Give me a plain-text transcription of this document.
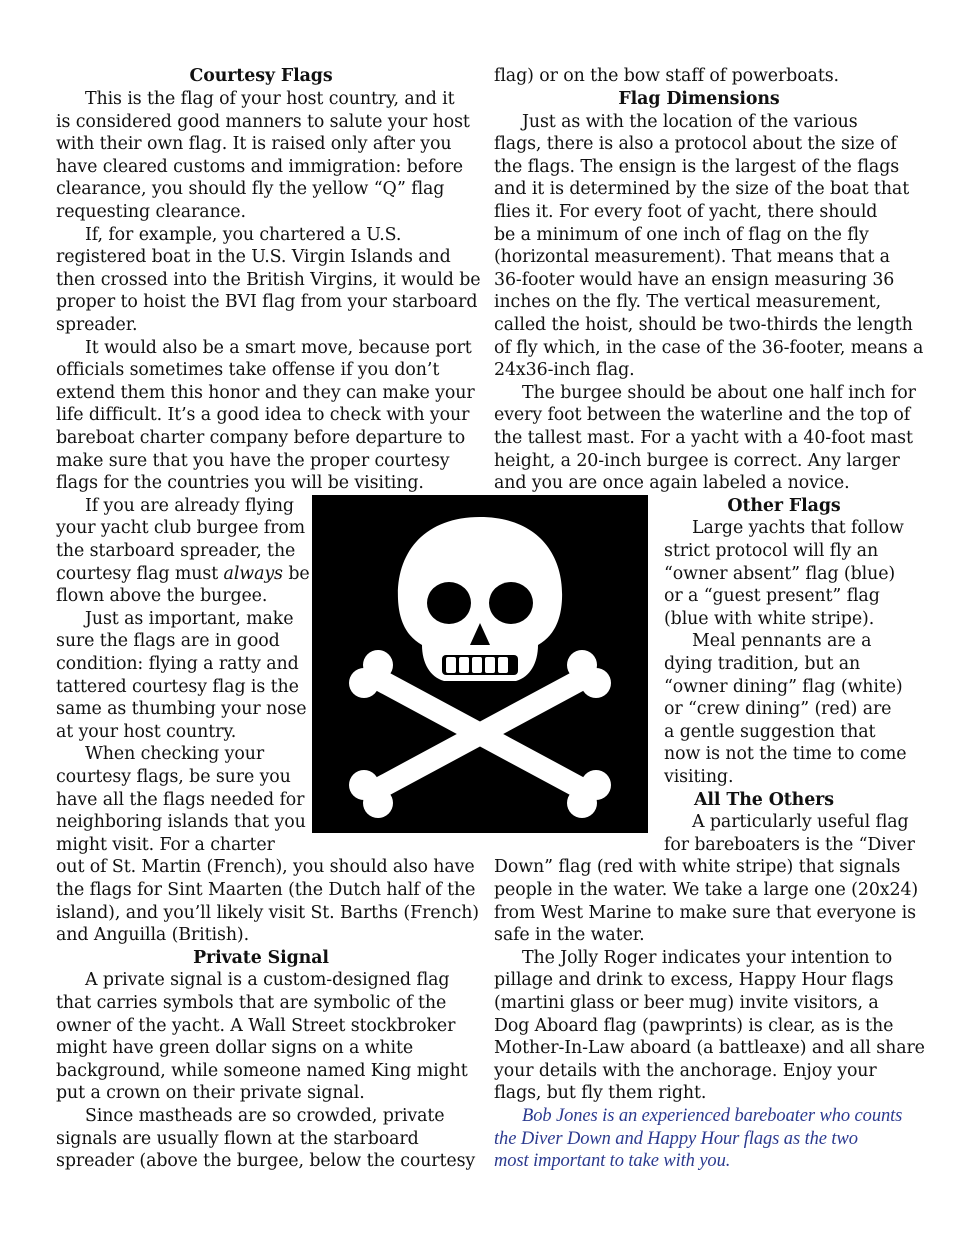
Courtesy Flags
This is the flag of your host country, and it
is considered good manners to salute your host
with their own flag. It is raised only after you
have cleared customs and immigration: before
clearance, you should fly the yellow “Q” flag
requesting clearance.
If, for example, you chartered a U.S.
registered boat in the U.S. Virgin Islands and
then crossed into the British Virgins, it would be
proper to hoist the BVI flag from your starboard
spreader.
It would also be a smart move, because port
officials sometimes take offense if you don’t
extend them this honor and they can make your
life difficult. It’s a good idea to check with your
bareboat charter company before departure to
make sure that you have the proper courtesy
flags for the countries you will be visiting.
If you are already flying
your yacht club burgee from
the starboard spreader, the
courtesy flag must always be
flown above the burgee.
Just as important, make
sure the flags are in good
condition: flying a ratty and
tattered courtesy flag is the
same as thumbing your nose
at your host country.
When checking your
courtesy flags, be sure you
have all the flags needed for
neighboring islands that you
might visit. For a charter
out of St. Martin (French), you should also have
the flags for Sint Maarten (the Dutch half of the
island), and you’ll likely visit St. Barths (French)
and Anguilla (British).
Private Signal
A private signal is a custom-designed flag
that carries symbols that are symbolic of the
owner of the yacht. A Wall Street stockbroker
might have green dollar signs on a white
background, while someone named King might
put a crown on their private signal.
Since mastheads are so crowded, private
signals are usually flown at the starboard
spreader (above the burgee, below the courtesy
flag) or on the bow staff of powerboats.
Flag Dimensions
Just as with the location of the various
flags, there is also a protocol about the size of
the flags. The ensign is the largest of the flags
and it is determined by the size of the boat that
flies it. For every foot of yacht, there should
be a minimum of one inch of flag on the fly
(horizontal measurement). That means that a
36-footer would have an ensign measuring 36
inches on the fly. The vertical measurement,
called the hoist, should be two-thirds the length
of fly which, in the case of the 36-footer, means a
24x36-inch flag.
The burgee should be about one half inch for
every foot between the waterline and the top of
the tallest mast. For a yacht with a 40-foot mast
height, a 20-inch burgee is correct. Any larger
and you are once again labeled a novice.
Other Flags
Large yachts that follow
strict protocol will fly an
“owner absent” flag (blue)
or a “guest present” flag
(blue with white stripe).
Meal pennants are a
dying tradition, but an
“owner dining” flag (white)
or “crew dining” (red) are
a gentle suggestion that
now is not the time to come
visiting.
All The Others
A particularly useful flag
for bareboaters is the “Diver
Down” flag (red with white stripe) that signals
people in the water. We take a large one (20x24)
from West Marine to make sure that everyone is
safe in the water.
The Jolly Roger indicates your intention to
pillage and drink to excess, Happy Hour flags
(martini glass or beer mug) invite visitors, a
Dog Aboard flag (pawprints) is clear, as is the
Mother-In-Law aboard (a battleaxe) and all share
your details with the anchorage. Enjoy your
flags, but fly them right.
Bob Jones is an experienced bareboater who counts
the Diver Down and Happy Hour flags as the two
most important to take with you.
